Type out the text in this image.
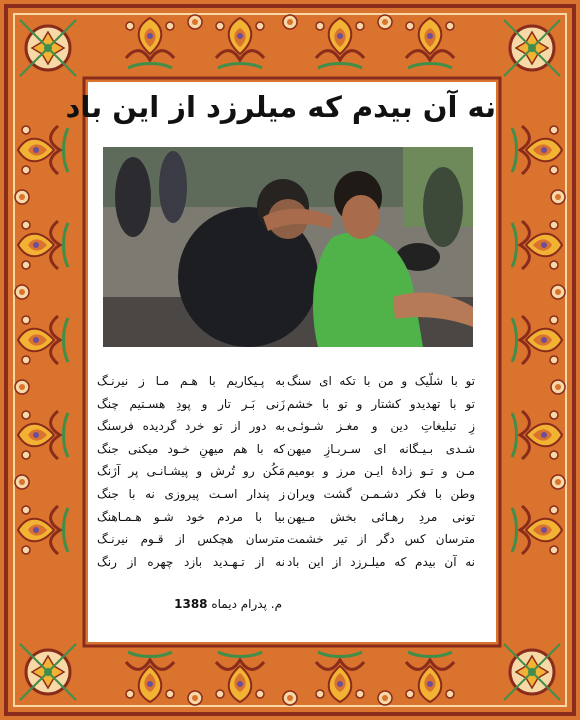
نه آن بیدم که میلرزد از این باد
تو با شلّیک و من با تکه ای سنگ
تو با تهدیدو کشتار و تو با خشم
زِ تبلیغاتِ دین و مغـز شـوئـی
شـدی بـیـگانه ای سـربـازِ میهن
مـن و تـو زادهٔ ایـن مرز و بومیم
وطن با فکر دشـمـن گشت ویران
تونی مردِ رهـائی بخش مـیهن
مترسان کس دگر از تیر خشمت
نه آن بیدم که میلـرزد از این باد
به پـیکاریم با هـم مـا ز نیرنـگ
زَنی بَـر تار و پودِ هسـتیم چنگ
به دور از تو خرد گردیده فرسنگ
که با هم میهنِ خـود میکنی جنگ
مَکُن رو تُرش و پیشـانـی پر آژنگ
ز پندار اسـت پیروزی نه با جنگ
بیا با مردم خود شـو هـمـاهنگ
مترسان هچکس از قـوم نیرنـگ
نه از تـهـدید بازد چهره از رنگ
م. پدرام دیماه 1388
